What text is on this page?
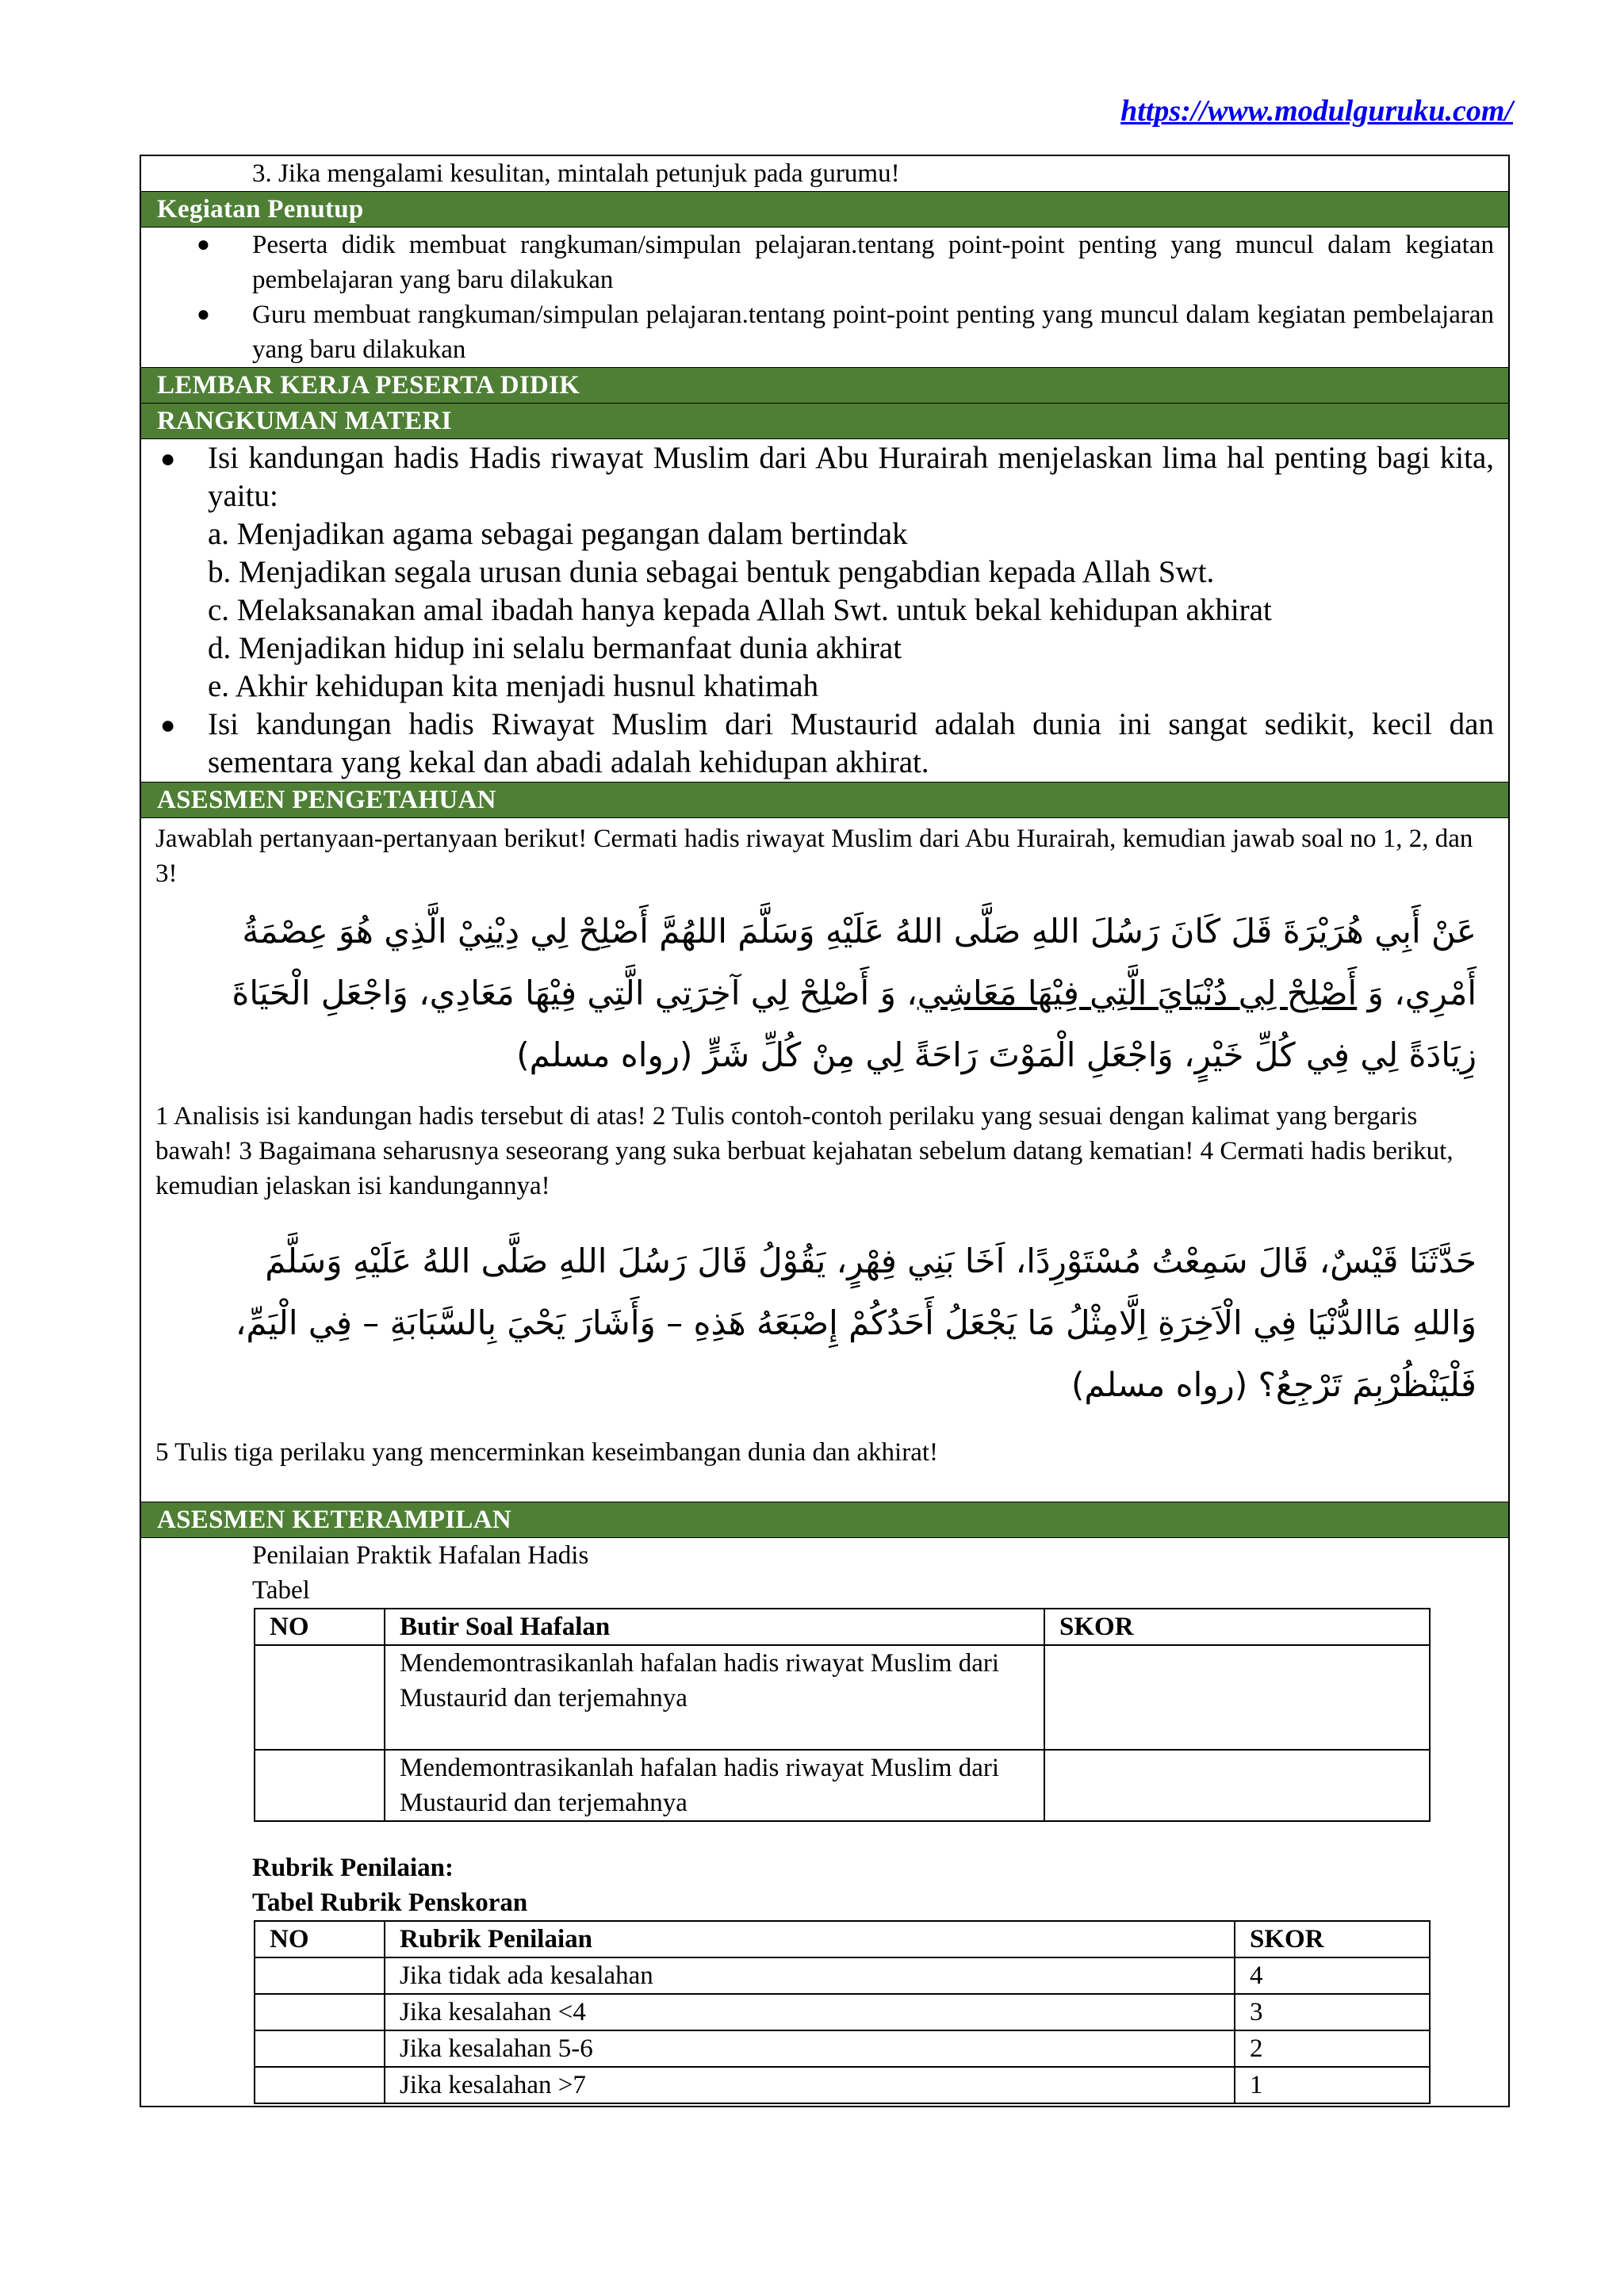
https://www.modulguruku.com/
3. Jika mengalami kesulitan, mintalah petunjuk pada gurumu!
Kegiatan Penutup
●	Peserta didik membuat rangkuman/simpulan pelajaran.tentang point-point penting yang muncul dalam kegiatan pembelajaran yang baru dilakukan
●	Guru membuat rangkuman/simpulan pelajaran.tentang point-point penting yang muncul dalam kegiatan pembelajaran yang baru dilakukan
LEMBAR KERJA PESERTA DIDIK
RANGKUMAN MATERI
●	Isi kandungan hadis Hadis riwayat Muslim dari Abu Hurairah menjelaskan lima hal penting bagi kita, yaitu:
a. Menjadikan agama sebagai pegangan dalam bertindak
b. Menjadikan segala urusan dunia sebagai bentuk pengabdian kepada Allah Swt.
c. Melaksanakan amal ibadah hanya kepada Allah Swt. untuk bekal kehidupan akhirat
d. Menjadikan hidup ini selalu bermanfaat dunia akhirat
e. Akhir kehidupan kita menjadi husnul khatimah
●	Isi kandungan hadis Riwayat Muslim dari Mustaurid adalah dunia ini sangat sedikit, kecil dan sementara yang kekal dan abadi adalah kehidupan akhirat.
ASESMEN PENGETAHUAN
Jawablah pertanyaan-pertanyaan berikut! Cermati hadis riwayat Muslim dari Abu Hurairah, kemudian jawab soal no 1, 2, dan 3!
عَنْ أَبِي هُرَيْرَةَ قَلَ كَانَ رَسُلَ اللهِ صَلَّى اللهُ عَلَيْهِ وَسَلَّمَ اللهُمَّ أَصْلِحْ لِي دِيْنِيْ الَّذِي هُوَ عِصْمَةُ
أَمْرِي، وَ أَصْلِحْ لِي دُنْيَايَ الَّتِي فِيْهَا مَعَاشِي، وَ أَصْلِحْ لِي آخِرَتِي الَّتِي فِيْهَا مَعَادِي، وَاجْعَلِ الْحَيَاةَ
زِيَادَةً لِي فِي كُلِّ خَيْرٍ، وَاجْعَلِ الْمَوْتَ رَاحَةً لِي مِنْ كُلِّ شَرٍّ (رواه مسلم)
1 Analisis isi kandungan hadis tersebut di atas! 2 Tulis contoh-contoh perilaku yang sesuai dengan kalimat yang bergaris bawah! 3 Bagaimana seharusnya seseorang yang suka berbuat kejahatan sebelum datang kematian! 4 Cermati hadis berikut, kemudian jelaskan isi kandungannya!
حَدَّثَنَا قَيْسٌ، قَالَ سَمِعْتُ مُسْتَوْرِدًا، اَخَا بَنِي فِهْرٍ، يَقُوْلُ قَالَ رَسُلَ اللهِ صَلَّى اللهُ عَلَيْهِ وَسَلَّمَ
وَاللهِ مَاالدُّنْيَا فِي الْاَخِرَةِ اِلَّامِثْلُ مَا يَجْعَلُ أَحَدُكُمْ إِصْبَعَهُ هَذِهِ – وَأَشَارَ يَحْيَ بِالسَّبَابَةِ – فِي الْيَمِّ،
فَلْيَنْظُرْبِمَ تَرْجِعُ؟ (رواه مسلم)
5 Tulis tiga perilaku yang mencerminkan keseimbangan dunia dan akhirat!
ASESMEN KETERAMPILAN
Penilaian Praktik Hafalan Hadis
Tabel
NO	Butir Soal Hafalan	SKOR
	Mendemontrasikanlah hafalan hadis riwayat Muslim dari Mustaurid dan terjemahnya	
	Mendemontrasikanlah hafalan hadis riwayat Muslim dari Mustaurid dan terjemahnya	
Rubrik Penilaian:
Tabel Rubrik Penskoran
NO	Rubrik Penilaian	SKOR
	Jika tidak ada kesalahan	4
	Jika kesalahan <4	3
	Jika kesalahan 5-6	2
	Jika kesalahan >7	1
